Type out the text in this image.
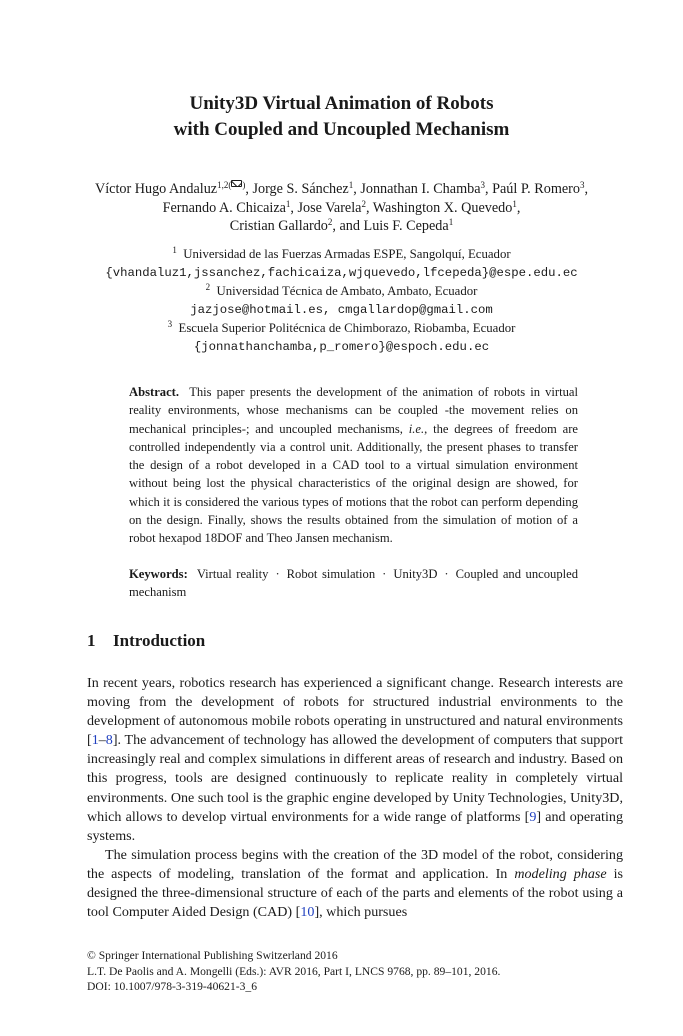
Unity3D Virtual Animation of Robots
with Coupled and Uncoupled Mechanism
Víctor Hugo Andaluz$^{1,2( )}$, Jorge S. Sánchez$^1$, Jonnathan I. Chamba$^3$, Paúl P. Romero$^3$,
Fernando A. Chicaiza$^1$, Jose Varela$^2$, Washington X. Quevedo$^1$,
Cristian Gallardo$^2$, and Luis F. Cepeda$^1$
$^1$ Universidad de las Fuerzas Armadas ESPE, Sangolquí, Ecuador
{vhandaluz1,jssanchez,fachicaiza,wjquevedo,lfcepeda}@espe.edu.ec
$^2$ Universidad Técnica de Ambato, Ambato, Ecuador
jazjose@hotmail.es, cmgallardop@gmail.com
$^3$ Escuela Superior Politécnica de Chimborazo, Riobamba, Ecuador
{jonnathanchamba,p_romero}@espoch.edu.ec
Abstract. This paper presents the development of the animation of robots in virtual reality environments, whose mechanisms can be coupled -the movement relies on mechanical principles-; and uncoupled mechanisms, i.e., the degrees of freedom are controlled independently via a control unit. Additionally, the present phases to transfer the design of a robot developed in a CAD tool to a virtual simulation environment without being lost the physical characteristics of the original design are showed, for which it is considered the various types of motions that the robot can perform depending on the design. Finally, shows the results obtained from the simulation of motion of a robot hexapod 18DOF and Theo Jansen mechanism.
Keywords: Virtual reality · Robot simulation · Unity3D · Coupled and uncoupled mechanism
1 Introduction

In recent years, robotics research has experienced a significant change. Research interests are moving from the development of robots for structured industrial environments to the development of autonomous mobile robots operating in unstructured and natural environments [1–8]. The advancement of technology has allowed the development of computers that support increasingly real and complex simulations in different areas of research and industry. Based on this progress, tools are designed continuously to replicate reality in completely virtual environments. One such tool is the graphic engine developed by Unity Technologies, Unity3D, which allows to develop virtual environments for a wide range of platforms [9] and operating systems.

The simulation process begins with the creation of the 3D model of the robot, considering the aspects of modeling, translation of the format and application. In modeling phase is designed the three-dimensional structure of each of the parts and elements of the robot using a tool Computer Aided Design (CAD) [10], which pursues

© Springer International Publishing Switzerland 2016
L.T. De Paolis and A. Mongelli (Eds.): AVR 2016, Part I, LNCS 9768, pp. 89–101, 2016.
DOI: 10.1007/978-3-319-40621-3_6
